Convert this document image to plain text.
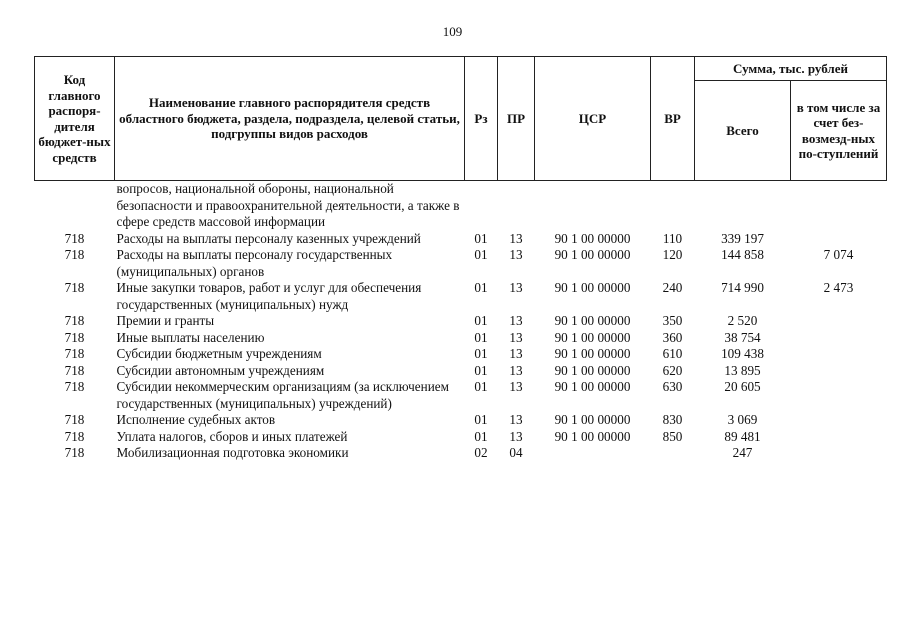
109
Код главного распоря-дителя бюджет-ных средств	Наименование главного распорядителя средств областного бюджета, раздела, подраздела, целевой статьи, подгруппы видов расходов	Рз	ПР	ЦСР	ВР	Сумма, тыс. рублей	
						Всего	в том числе за счет без-возмезд-ных по-ступлений
	вопросов, национальной обороны, национальной безопасности и правоохранительной деятельности, а также в сфере средств массовой информации						
718	Расходы на выплаты персоналу казенных учреждений	01	13	90 1 00 00000	110	339 197	
718	Расходы на выплаты персоналу государственных (муниципальных) органов	01	13	90 1 00 00000	120	144 858	7 074
718	Иные закупки товаров, работ и услуг для обеспечения государственных (муниципальных) нужд	01	13	90 1 00 00000	240	714 990	2 473
718	Премии и гранты	01	13	90 1 00 00000	350	2 520	
718	Иные выплаты населению	01	13	90 1 00 00000	360	38 754	
718	Субсидии бюджетным учреждениям	01	13	90 1 00 00000	610	109 438	
718	Субсидии автономным учреждениям	01	13	90 1 00 00000	620	13 895	
718	Субсидии некоммерческим организациям (за исключением государственных (муниципальных) учреждений)	01	13	90 1 00 00000	630	20 605	
718	Исполнение судебных актов	01	13	90 1 00 00000	830	3 069	
718	Уплата налогов, сборов и иных платежей	01	13	90 1 00 00000	850	89 481	
718	Мобилизационная подготовка экономики	02	04			247	
